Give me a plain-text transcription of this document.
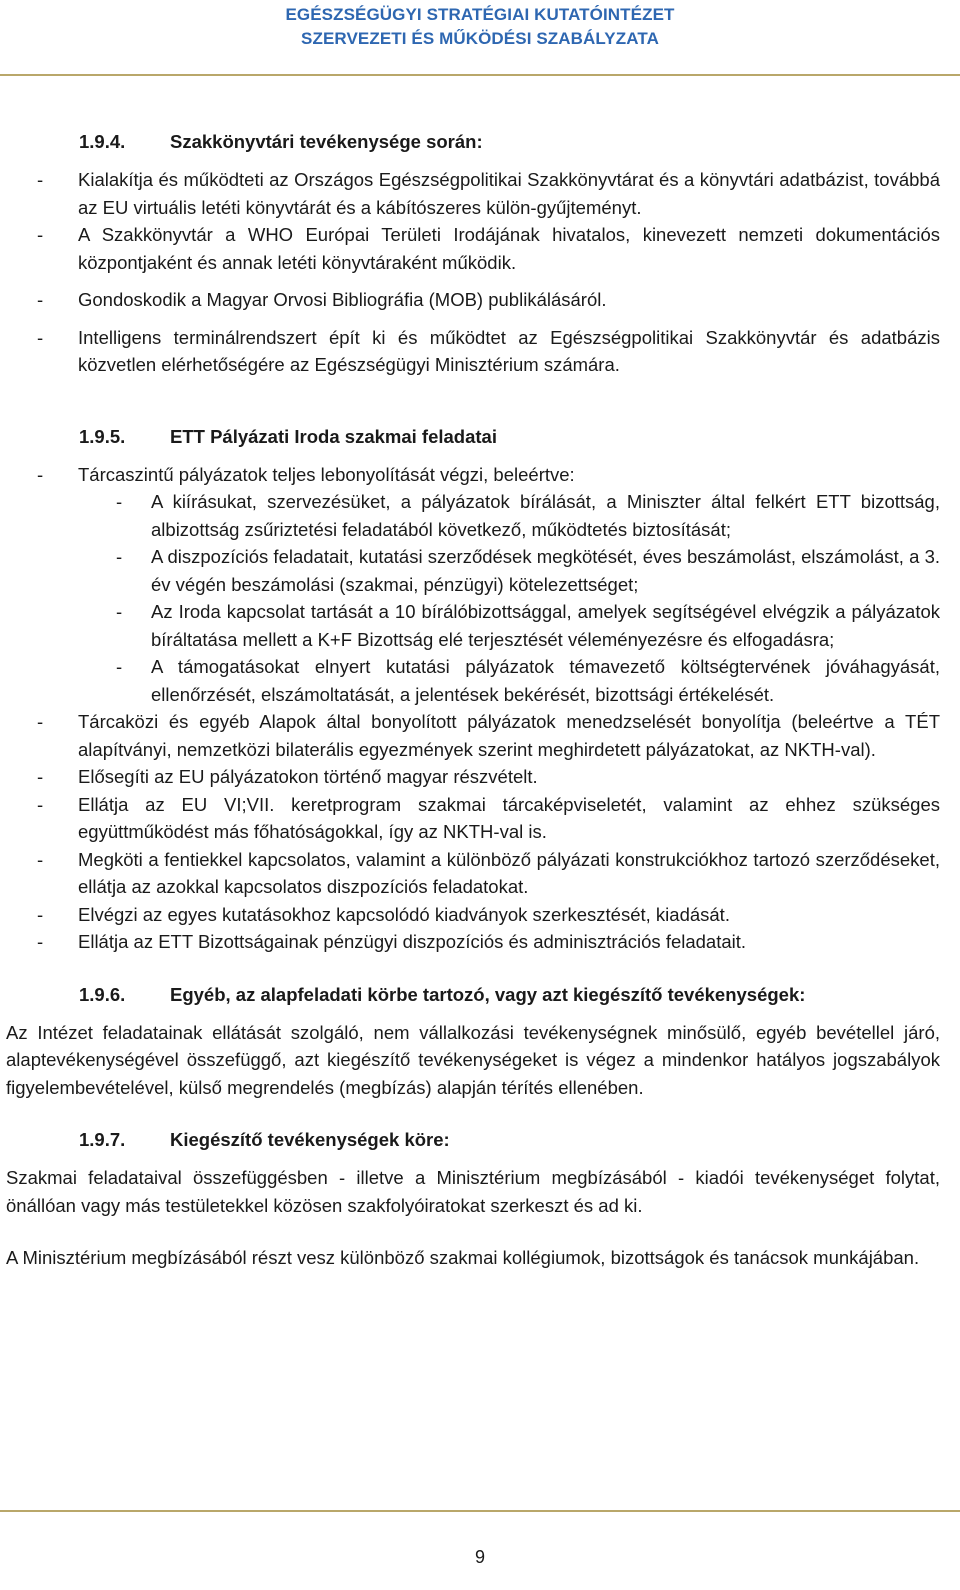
EGÉSZSÉGÜGYI STRATÉGIAI KUTATÓINTÉZET
SZERVEZETI ÉS MŰKÖDÉSI SZABÁLYZATA
1.9.4. Szakkönyvtári tevékenysége során:
- Kialakítja és működteti az Országos Egészségpolitikai Szakkönyvtárat és a könyvtári adatbázist, továbbá az EU virtuális letéti könyvtárát és a kábítószeres külön-gyűjteményt.
- A Szakkönyvtár a WHO Európai Területi Irodájának hivatalos, kinevezett nemzeti dokumentációs központjaként és annak letéti könyvtáraként működik.
- Gondoskodik a Magyar Orvosi Bibliográfia (MOB) publikálásáról.
- Intelligens terminálrendszert épít ki és működtet az Egészségpolitikai Szakkönyvtár és adatbázis közvetlen elérhetőségére az Egészségügyi Minisztérium számára.
1.9.5. ETT Pályázati Iroda szakmai feladatai
- Tárcaszintű pályázatok teljes lebonyolítását végzi, beleértve:
- A kiírásukat, szervezésüket, a pályázatok bírálását, a Miniszter által felkért ETT bizottság, albizottság zsűriztetési feladatából következő, működtetés biztosítását;
- A diszpozíciós feladatait, kutatási szerződések megkötését, éves beszámolást, elszámolást, a 3. év végén beszámolási (szakmai, pénzügyi) kötelezettséget;
- Az Iroda kapcsolat tartását a 10 bírálóbizottsággal, amelyek segítségével elvégzik a pályázatok bíráltatása mellett a K+F Bizottság elé terjesztését véleményezésre és elfogadásra;
- A támogatásokat elnyert kutatási pályázatok témavezető költségtervének jóváhagyását, ellenőrzését, elszámoltatását, a jelentések bekérését, bizottsági értékelését.
- Tárcaközi és egyéb Alapok által bonyolított pályázatok menedzselését bonyolítja (beleértve a TÉT alapítványi, nemzetközi bilaterális egyezmények szerint meghirdetett pályázatokat, az NKTH-val).
- Elősegíti az EU pályázatokon történő magyar részvételt.
- Ellátja az EU VI;VII. keretprogram szakmai tárcaképviseletét, valamint az ehhez szükséges együttműködést más főhatóságokkal, így az NKTH-val is.
- Megköti a fentiekkel kapcsolatos, valamint a különböző pályázati konstrukciókhoz tartozó szerződéseket, ellátja az azokkal kapcsolatos diszpozíciós feladatokat.
- Elvégzi az egyes kutatásokhoz kapcsolódó kiadványok szerkesztését, kiadását.
- Ellátja az ETT Bizottságainak pénzügyi diszpozíciós és adminisztrációs feladatait.
1.9.6. Egyéb, az alapfeladati körbe tartozó, vagy azt kiegészítő tevékenységek:
Az Intézet feladatainak ellátását szolgáló, nem vállalkozási tevékenységnek minősülő, egyéb bevétellel járó, alaptevékenységével összefüggő, azt kiegészítő tevékenységeket is végez a mindenkor hatályos jogszabályok figyelembevételével, külső megrendelés (megbízás) alapján térítés ellenében.
1.9.7. Kiegészítő tevékenységek köre:
Szakmai feladataival összefüggésben - illetve a Minisztérium megbízásából - kiadói tevékenységet folytat, önállóan vagy más testületekkel közösen szakfolyóiratokat szerkeszt és ad ki.
A Minisztérium megbízásából részt vesz különböző szakmai kollégiumok, bizottságok és tanácsok munkájában.
9
